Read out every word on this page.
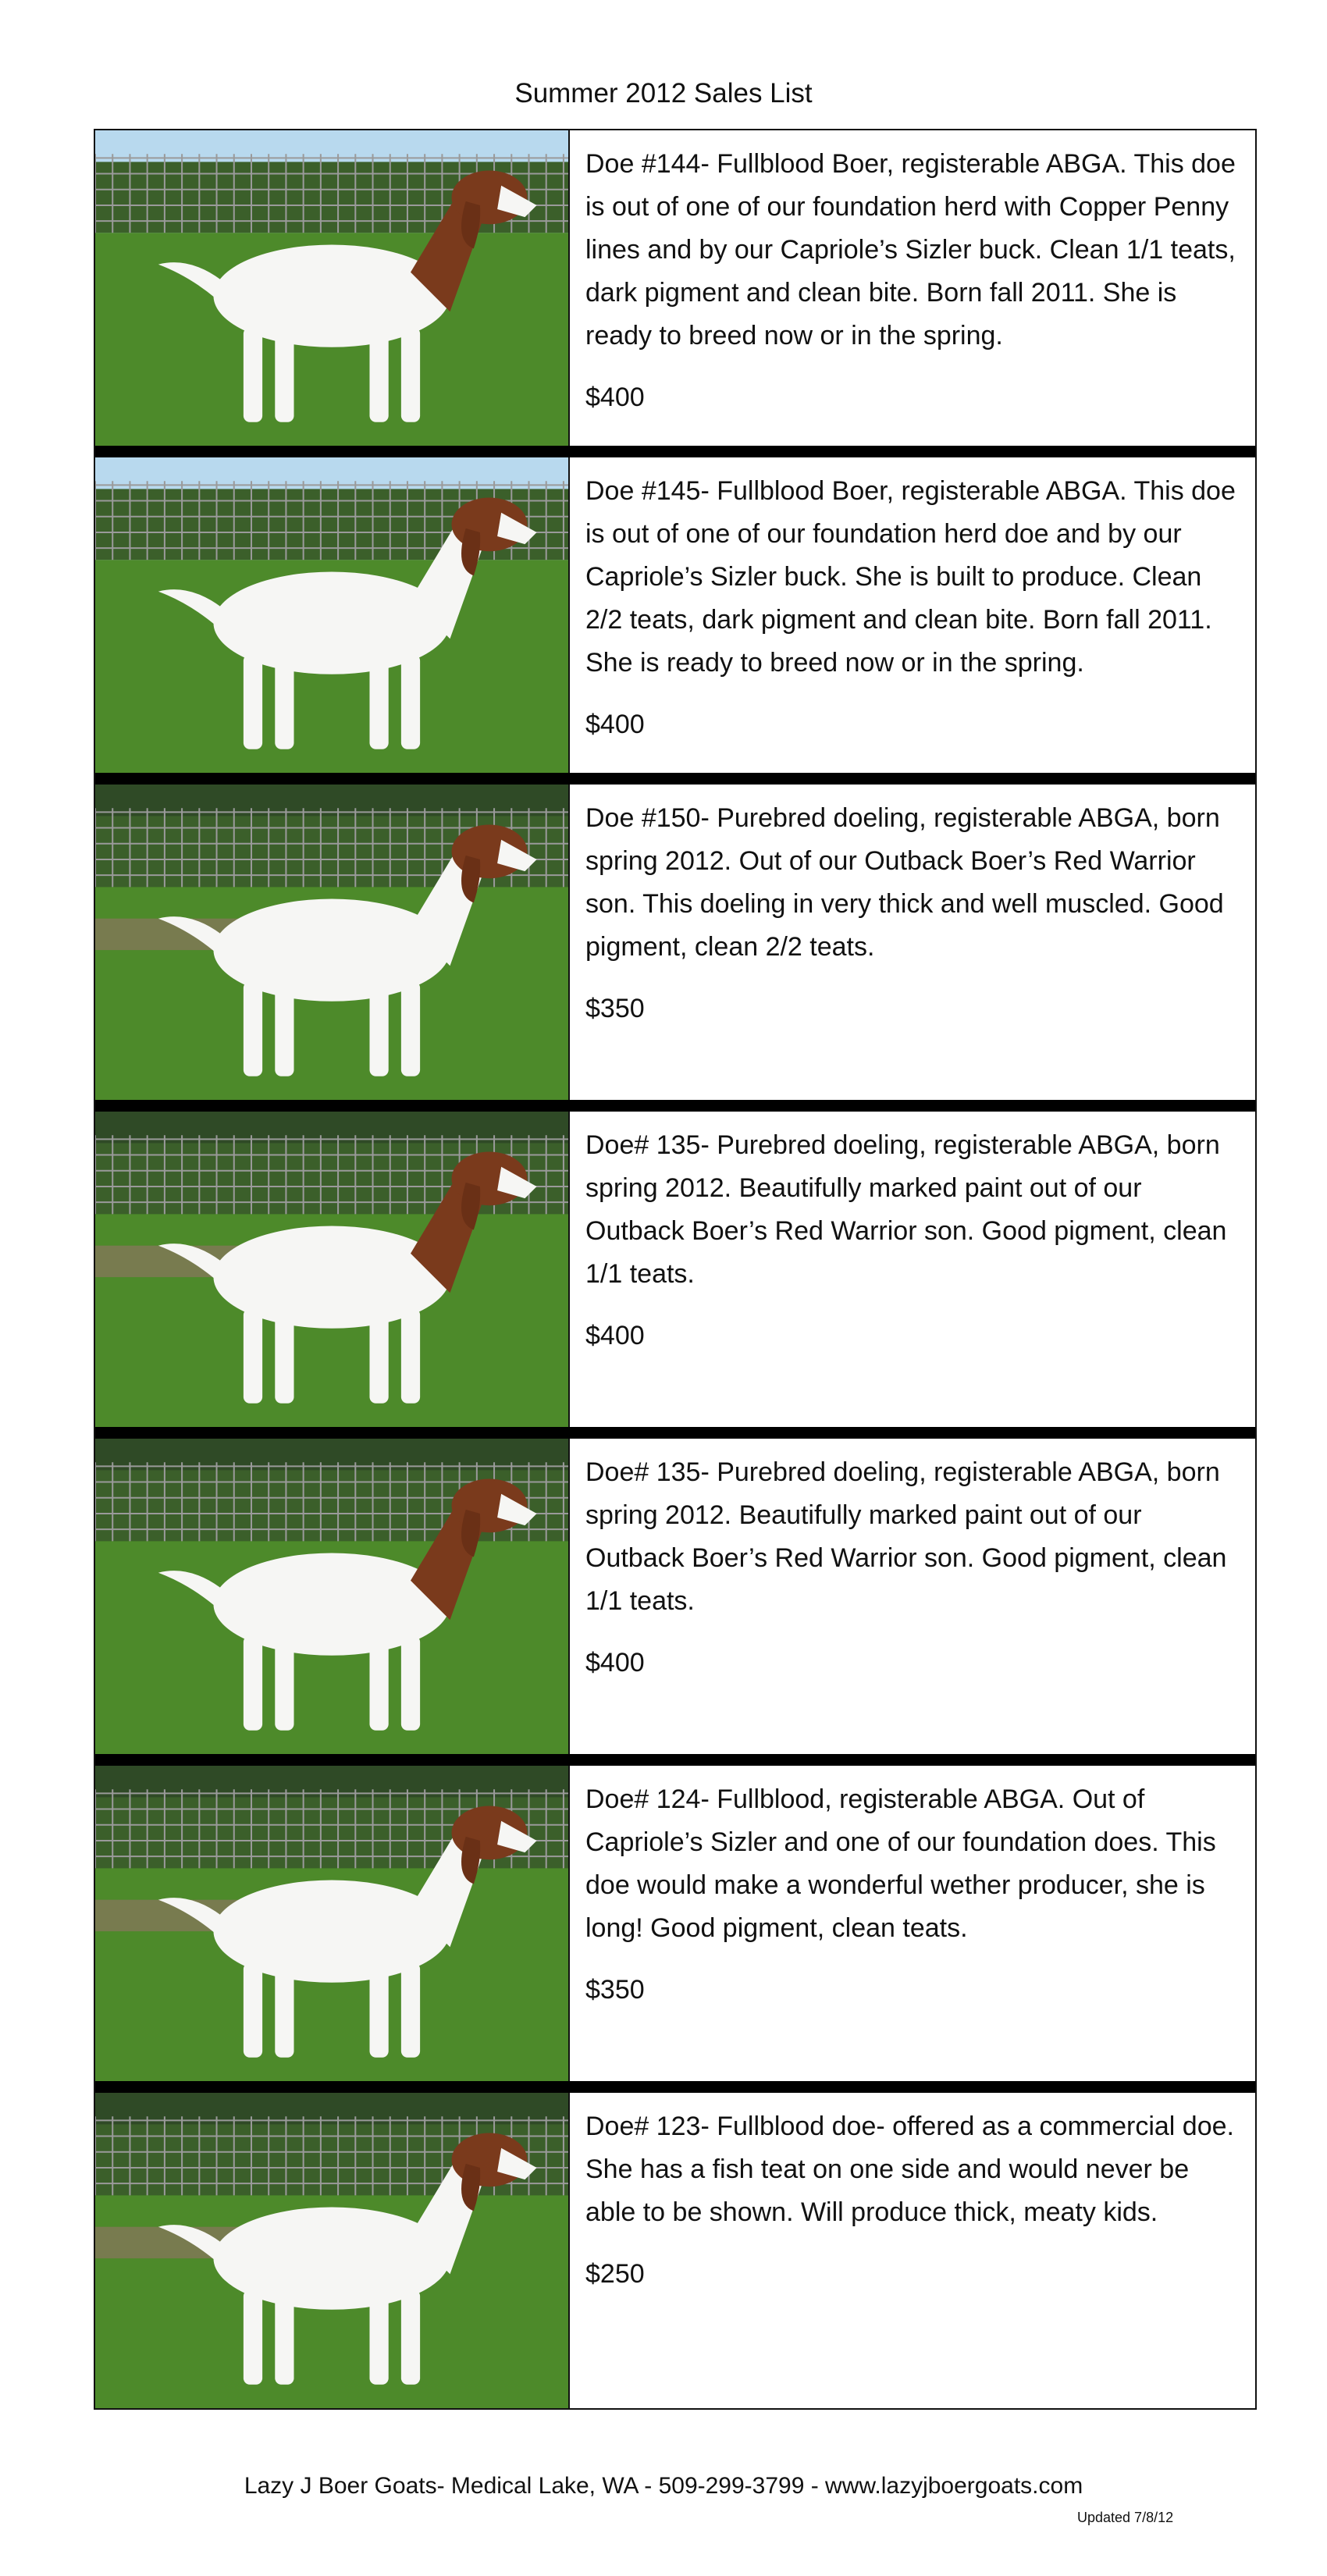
Summer 2012 Sales List

Doe #144- Fullblood Boer, registerable ABGA. This doe is out of one of our foundation herd with Copper Penny lines and by our Capriole’s Sizler buck. Clean 1/1 teats, dark pigment and clean bite. Born fall 2011. She is ready to breed now or in the spring.

$400

Doe #145- Fullblood Boer, registerable ABGA. This doe is out of one of our foundation herd doe and by our Capriole’s Sizler buck. She is built to produce. Clean 2/2 teats, dark pigment and clean bite. Born fall 2011. She is ready to breed now or in the spring.

$400

Doe #150- Purebred doeling, registerable ABGA, born spring 2012. Out of our Outback Boer’s Red Warrior son. This doeling in very thick and well muscled. Good pigment, clean 2/2 teats.

$350

Doe# 135- Purebred doeling, registerable ABGA, born spring 2012. Beautifully marked paint out of our Outback Boer’s Red Warrior son. Good pigment, clean 1/1 teats.

$400

Doe# 135- Purebred doeling, registerable ABGA, born spring 2012. Beautifully marked paint out of our Outback Boer’s Red Warrior son. Good pigment, clean 1/1 teats.

$400

Doe# 124- Fullblood, registerable ABGA. Out of Capriole’s Sizler and one of our foundation does. This doe would make a wonderful wether producer, she is long! Good pigment, clean teats.

$350

Doe# 123- Fullblood doe- offered as a commercial doe. She has a fish teat on one side and would never be able to be shown. Will produce thick, meaty kids.

$250

Lazy J Boer Goats- Medical Lake, WA - 509-299-3799 - www.lazyjboergoats.com
Updated 7/8/12
